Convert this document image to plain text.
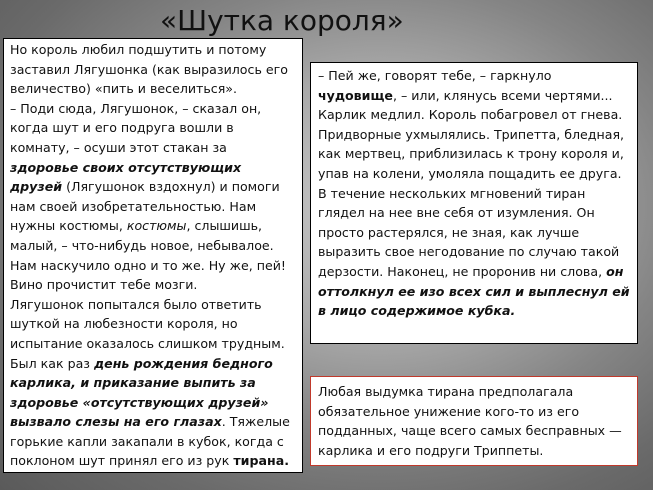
«Шутка короля»

Но король любил подшутить и потому заставил Лягушонка (как выразилось его величество) «пить и веселиться».

– Поди сюда, Лягушонок, – сказал он, когда шут и его подруга вошли в комнату, – осуши этот стакан за здоровье своих отсутствующих друзей (Лягушонок вздохнул) и помоги нам своей изобретательностью. Нам нужны костюмы, костюмы, слышишь, малый, – что-нибудь новое, небывалое. Нам наскучило одно и то же. Ну же, пей! Вино прочистит тебе мозги.

Лягушонок попытался было ответить шуткой на любезности короля, но испытание оказалось слишком трудным. Был как раз день рождения бедного карлика, и приказание выпить за здоровье «отсутствующих друзей» вызвало слезы на его глазах. Тяжелые горькие капли закапали в кубок, когда с поклоном шут принял его из рук тирана.

– Пей же, говорят тебе, – гаркнуло чудовище, – или, клянусь всеми чертями... Карлик медлил. Король побагровел от гнева. Придворные ухмылялись. Трипетта, бледная, как мертвец, приблизилась к трону короля и, упав на колени, умоляла пощадить ее друга.

В течение нескольких мгновений тиран глядел на нее вне себя от изумления. Он просто растерялся, не зная, как лучше выразить свое негодование по случаю такой дерзости. Наконец, не проронив ни слова, он оттолкнул ее изо всех сил и выплеснул ей в лицо содержимое кубка.

Любая выдумка тирана предполагала обязательное унижение кого-то из его подданных, чаще всего самых бесправных — карлика и его подруги Триппеты.
